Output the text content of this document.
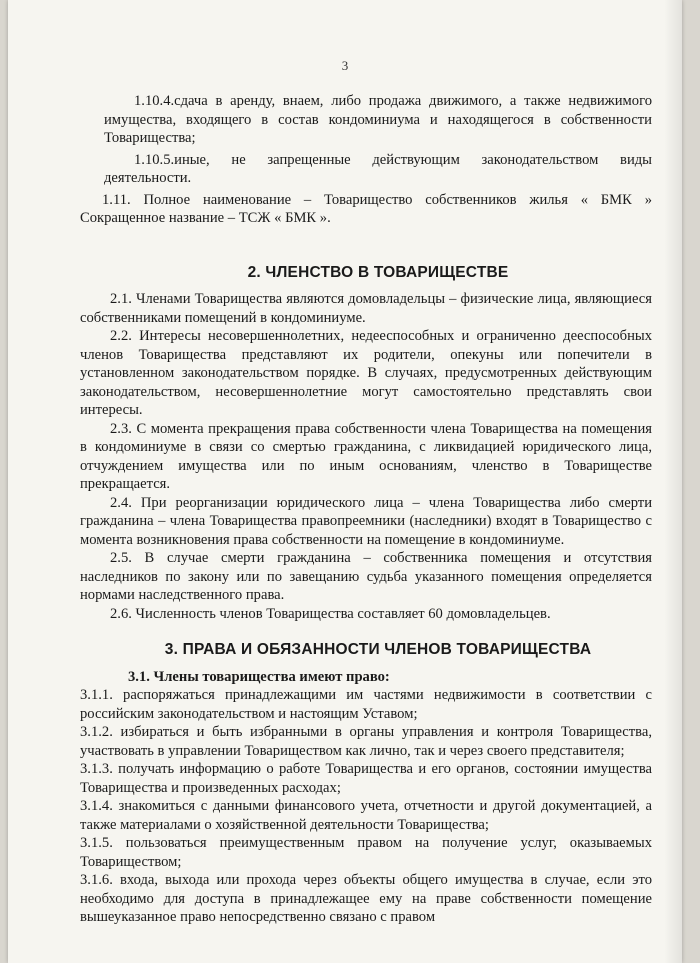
3

1.10.4.сдача в аренду, внаем, либо продажа движимого, а также недвижимого имущества, входящего в состав кондоминиума и находящегося в собственности Товарищества;

1.10.5.иные, не запрещенные действующим законодательством виды деятельности.

1.11. Полное наименование – Товарищество собственников жилья « БМК » Сокращенное название – ТСЖ « БМК ».

2. ЧЛЕНСТВО В ТОВАРИЩЕСТВЕ

2.1. Членами Товарищества являются домовладельцы – физические лица, являющиеся собственниками помещений в кондоминиуме.

2.2. Интересы несовершеннолетних, недееспособных и ограниченно дееспособных членов Товарищества представляют их родители, опекуны или попечители в установленном законодательством порядке. В случаях, предусмотренных действующим законодательством, несовершеннолетние могут самостоятельно представлять свои интересы.

2.3. С момента прекращения права собственности члена Товарищества на помещения в кондоминиуме в связи со смертью гражданина, с ликвидацией юридического лица, отчуждением имущества или по иным основаниям, членство в Товариществе прекращается.

2.4. При реорганизации юридического лица – члена Товарищества либо смерти гражданина – члена Товарищества правопреемники (наследники) входят в Товарищество с момента возникновения права собственности на помещение в кондоминиуме.

2.5. В случае смерти гражданина – собственника помещения и отсутствия наследников по закону или по завещанию судьба указанного помещения определяется нормами наследственного права.

2.6. Численность членов Товарищества составляет 60 домовладельцев.

3. ПРАВА И ОБЯЗАННОСТИ ЧЛЕНОВ ТОВАРИЩЕСТВА

3.1. Члены товарищества имеют право:

3.1.1. распоряжаться принадлежащими им частями недвижимости в соответствии с российским законодательством и настоящим Уставом;

3.1.2. избираться и быть избранными в органы управления и контроля Товарищества, участвовать в управлении Товариществом как лично, так и через своего представителя;

3.1.3. получать информацию о работе Товарищества и его органов, состоянии имущества Товарищества и произведенных расходах;

3.1.4. знакомиться с данными финансового учета, отчетности и другой документацией, а также материалами о хозяйственной деятельности Товарищества;

3.1.5. пользоваться преимущественным правом на получение услуг, оказываемых Товариществом;

3.1.6. входа, выхода или прохода через объекты общего имущества в случае, если это необходимо для доступа в принадлежащее ему на праве собственности помещение вышеуказанное право непосредственно связано с правом
